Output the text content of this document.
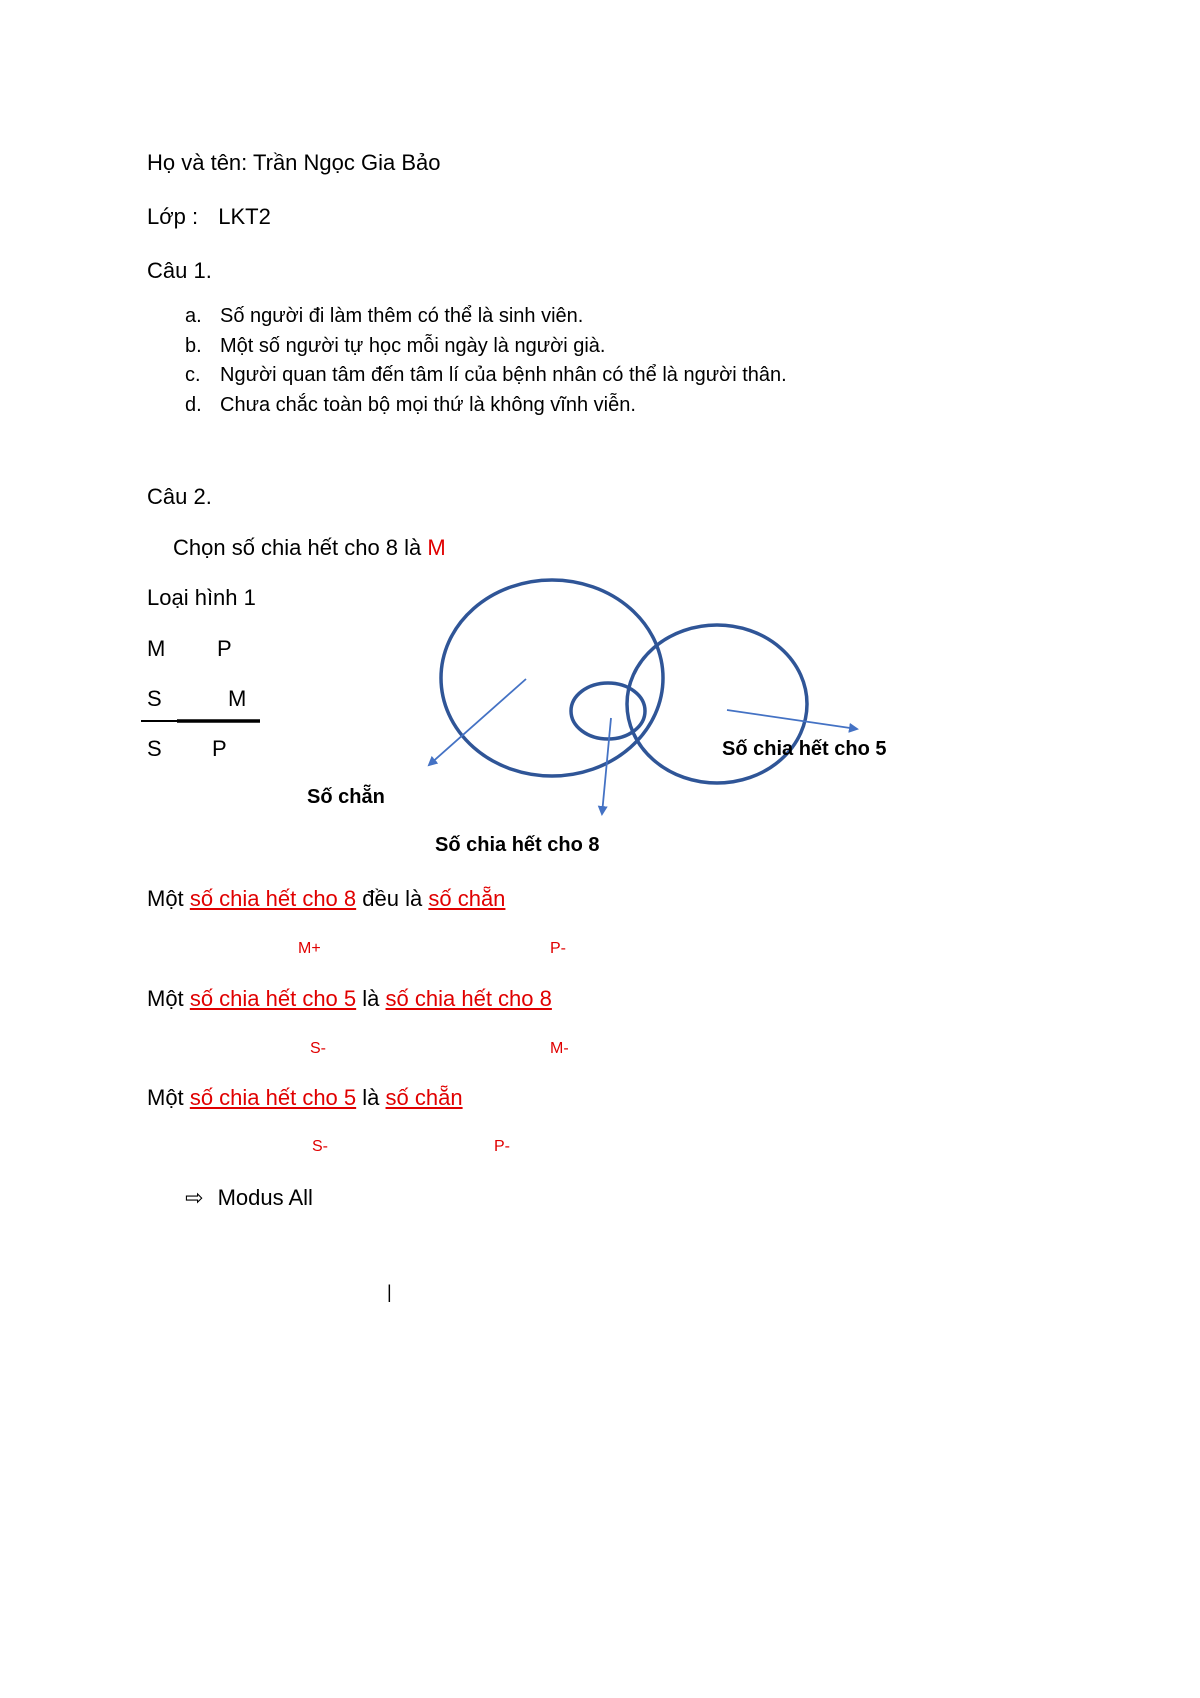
Họ và tên: Trần Ngọc Gia Bảo
Lớp : LKT2
Câu 1.
a. Số người đi làm thêm có thể là sinh viên.
b. Một số người tự học mỗi ngày là người già.
c. Người quan tâm đến tâm lí của bệnh nhân có thể là người thân.
d. Chưa chắc toàn bộ mọi thứ là không vĩnh viễn.
Câu 2.
Chọn số chia hết cho 8 là M
Loại hình 1
M P
S	M
S P
Số chẵn
Số chia hết cho 8
Số chia hết cho 5
Một số chia hết cho 8 đều là số chẵn
M+	P-
Một số chia hết cho 5 là số chia hết cho 8
S-	M-
Một số chia hết cho 5 là số chẵn
S-	P-
⇨ Modus All
|
